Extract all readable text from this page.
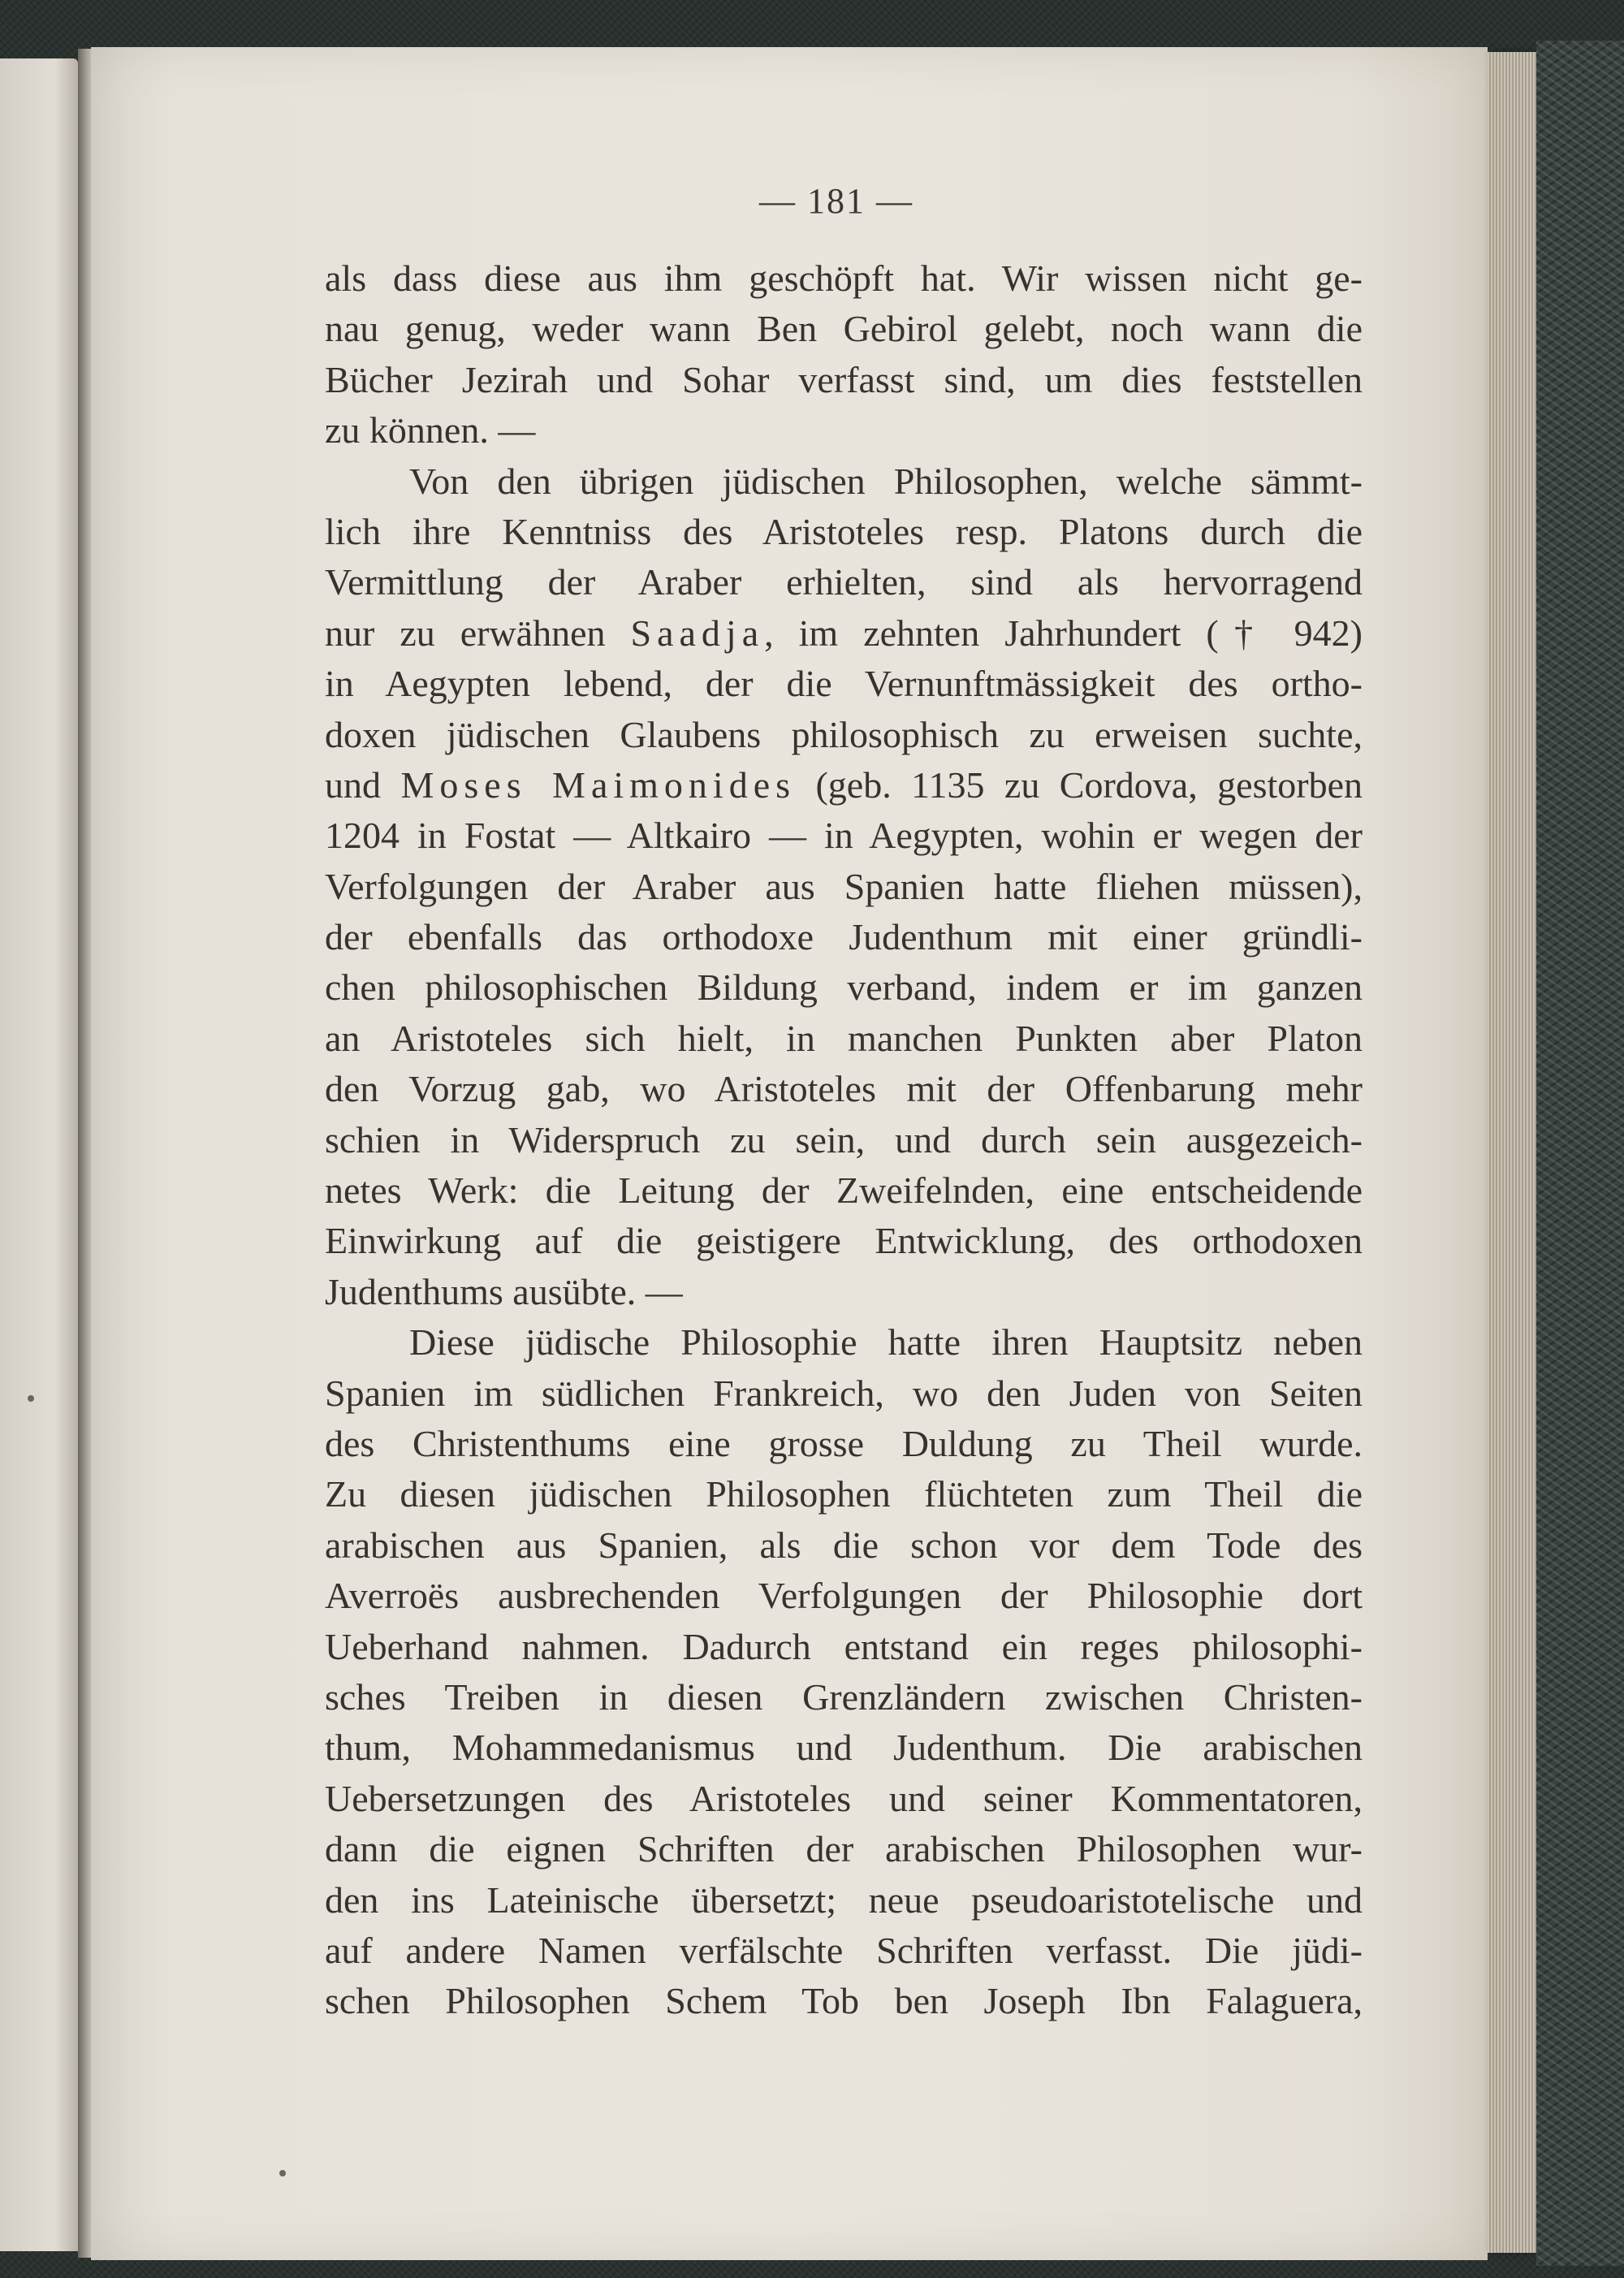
— 181 —
als dass diese aus ihm geschöpft hat. Wir wissen nicht ge-
nau genug, weder wann Ben Gebirol gelebt, noch wann die
Bücher Jezirah und Sohar verfasst sind, um dies feststellen
zu können. —
Von den übrigen jüdischen Philosophen, welche sämmt-
lich ihre Kenntniss des Aristoteles resp. Platons durch die
Vermittlung der Araber erhielten, sind als hervorragend
nur zu erwähnen Saadja, im zehnten Jahrhundert († 942)
in Aegypten lebend, der die Vernunftmässigkeit des ortho-
doxen jüdischen Glaubens philosophisch zu erweisen suchte,
und Moses Maimonides (geb. 1135 zu Cordova, gestorben
1204 in Fostat — Altkairo — in Aegypten, wohin er wegen der
Verfolgungen der Araber aus Spanien hatte fliehen müssen),
der ebenfalls das orthodoxe Judenthum mit einer gründli-
chen philosophischen Bildung verband, indem er im ganzen
an Aristoteles sich hielt, in manchen Punkten aber Platon
den Vorzug gab, wo Aristoteles mit der Offenbarung mehr
schien in Widerspruch zu sein, und durch sein ausgezeich-
netes Werk: die Leitung der Zweifelnden, eine entscheidende
Einwirkung auf die geistigere Entwicklung, des orthodoxen
Judenthums ausübte. —
Diese jüdische Philosophie hatte ihren Hauptsitz neben
Spanien im südlichen Frankreich, wo den Juden von Seiten
des Christenthums eine grosse Duldung zu Theil wurde.
Zu diesen jüdischen Philosophen flüchteten zum Theil die
arabischen aus Spanien, als die schon vor dem Tode des
Averroës ausbrechenden Verfolgungen der Philosophie dort
Ueberhand nahmen. Dadurch entstand ein reges philosophi-
sches Treiben in diesen Grenzländern zwischen Christen-
thum, Mohammedanismus und Judenthum. Die arabischen
Uebersetzungen des Aristoteles und seiner Kommentatoren,
dann die eignen Schriften der arabischen Philosophen wur-
den ins Lateinische übersetzt; neue pseudoaristotelische und
auf andere Namen verfälschte Schriften verfasst. Die jüdi-
schen Philosophen Schem Tob ben Joseph Ibn Falaguera,
